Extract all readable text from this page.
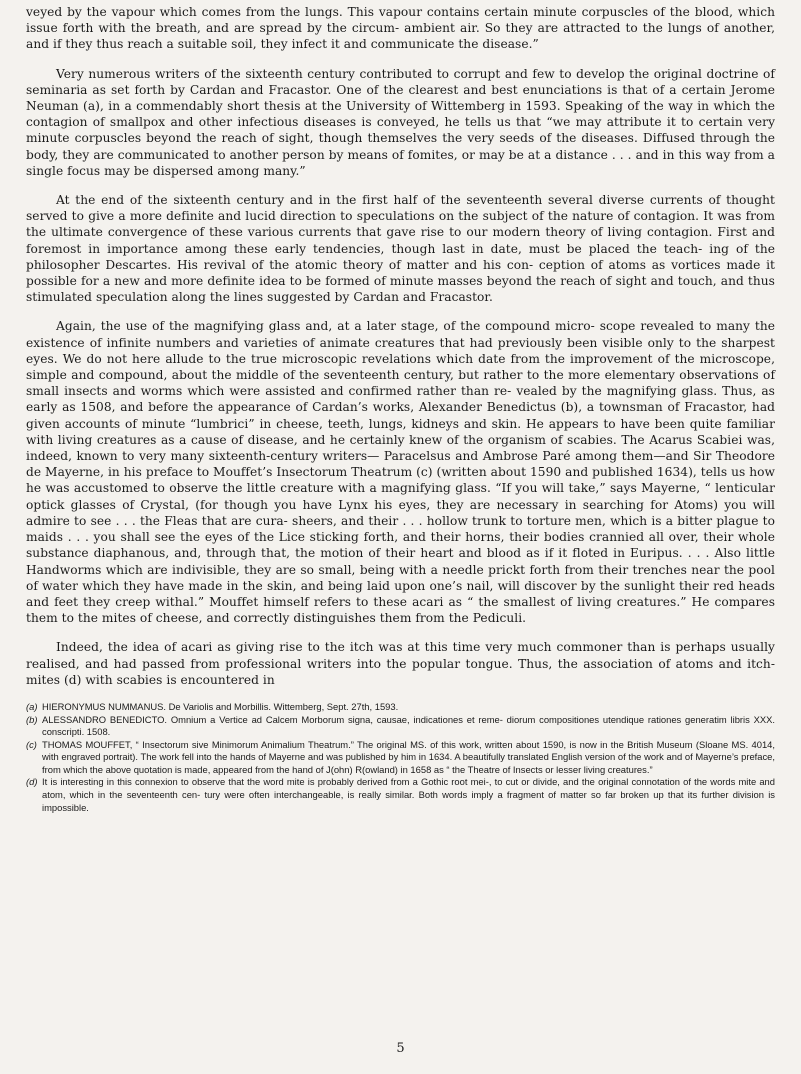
veyed by the vapour which comes from the lungs. This vapour contains certain minute corpuscles of the blood, which issue forth with the breath, and are spread by the circum- ambient air. So they are attracted to the lungs of another, and if they thus reach a suitable soil, they infect it and communicate the disease.”

Very numerous writers of the sixteenth century contributed to corrupt and few to develop the original doctrine of seminaria as set forth by Cardan and Fracastor. One of the clearest and best enunciations is that of a certain Jerome Neuman (a), in a commendably short thesis at the University of Wittemberg in 1593. Speaking of the way in which the contagion of smallpox and other infectious diseases is conveyed, he tells us that “we may attribute it to certain very minute corpuscles beyond the reach of sight, though themselves the very seeds of the diseases. Diffused through the body, they are communicated to another person by means of fomites, or may be at a distance . . . and in this way from a single focus may be dispersed among many.”

At the end of the sixteenth century and in the first half of the seventeenth several diverse currents of thought served to give a more definite and lucid direction to speculations on the subject of the nature of contagion. It was from the ultimate convergence of these various currents that gave rise to our modern theory of living contagion. First and foremost in importance among these early tendencies, though last in date, must be placed the teach- ing of the philosopher Descartes. His revival of the atomic theory of matter and his con- ception of atoms as vortices made it possible for a new and more definite idea to be formed of minute masses beyond the reach of sight and touch, and thus stimulated speculation along the lines suggested by Cardan and Fracastor.

Again, the use of the magnifying glass and, at a later stage, of the compound micro- scope revealed to many the existence of infinite numbers and varieties of animate creatures that had previously been visible only to the sharpest eyes. We do not here allude to the true microscopic revelations which date from the improvement of the microscope, simple and compound, about the middle of the seventeenth century, but rather to the more elementary observations of small insects and worms which were assisted and confirmed rather than re- vealed by the magnifying glass. Thus, as early as 1508, and before the appearance of Cardan’s works, Alexander Benedictus (b), a townsman of Fracastor, had given accounts of minute “lumbrici” in cheese, teeth, lungs, kidneys and skin. He appears to have been quite familiar with living creatures as a cause of disease, and he certainly knew of the organism of scabies. The Acarus Scabiei was, indeed, known to very many sixteenth-century writers— Paracelsus and Ambrose Paré among them—and Sir Theodore de Mayerne, in his preface to Mouffet’s Insectorum Theatrum (c) (written about 1590 and published 1634), tells us how he was accustomed to observe the little creature with a magnifying glass. “If you will take,” says Mayerne, “ lenticular optick glasses of Crystal, (for though you have Lynx his eyes, they are necessary in searching for Atoms) you will admire to see . . . the Fleas that are cura- sheers, and their . . . hollow trunk to torture men, which is a bitter plague to maids . . . you shall see the eyes of the Lice sticking forth, and their horns, their bodies crannied all over, their whole substance diaphanous, and, through that, the motion of their heart and blood as if it floted in Euripus. . . . Also little Handworms which are indivisible, they are so small, being with a needle prickt forth from their trenches near the pool of water which they have made in the skin, and being laid upon one’s nail, will discover by the sunlight their red heads and feet they creep withal.” Mouffet himself refers to these acari as “ the smallest of living creatures.” He compares them to the mites of cheese, and correctly distinguishes them from the Pediculi.

Indeed, the idea of acari as giving rise to the itch was at this time very much commoner than is perhaps usually realised, and had passed from professional writers into the popular tongue. Thus, the association of atoms and itch-mites (d) with scabies is encountered in

(a) HIERONYMUS NUMMANUS. De Variolis and Morbillis. Wittemberg, Sept. 27th, 1593.
(b) ALESSANDRO BENEDICTO. Omnium a Vertice ad Calcem Morborum signa, causae, indicationes et reme- diorum compositiones utendique rationes generatim libris XXX. conscripti. 1508.
(c) THOMAS MOUFFET, “ Insectorum sive Minimorum Animalium Theatrum.” The original MS. of this work, written about 1590, is now in the British Museum (Sloane MS. 4014, with engraved portrait). The work fell into the hands of Mayerne and was published by him in 1634. A beautifully translated English version of the work and of Mayerne’s preface, from which the above quotation is made, appeared from the hand of J(ohn) R(owland) in 1658 as “ the Theatre of Insects or lesser living creatures.”
(d) It is interesting in this connexion to observe that the word mite is probably derived from a Gothic root mei-, to cut or divide, and the original connotation of the words mite and atom, which in the seventeenth cen- tury were often interchangeable, is really similar. Both words imply a fragment of matter so far broken up that its further division is impossible.
5
